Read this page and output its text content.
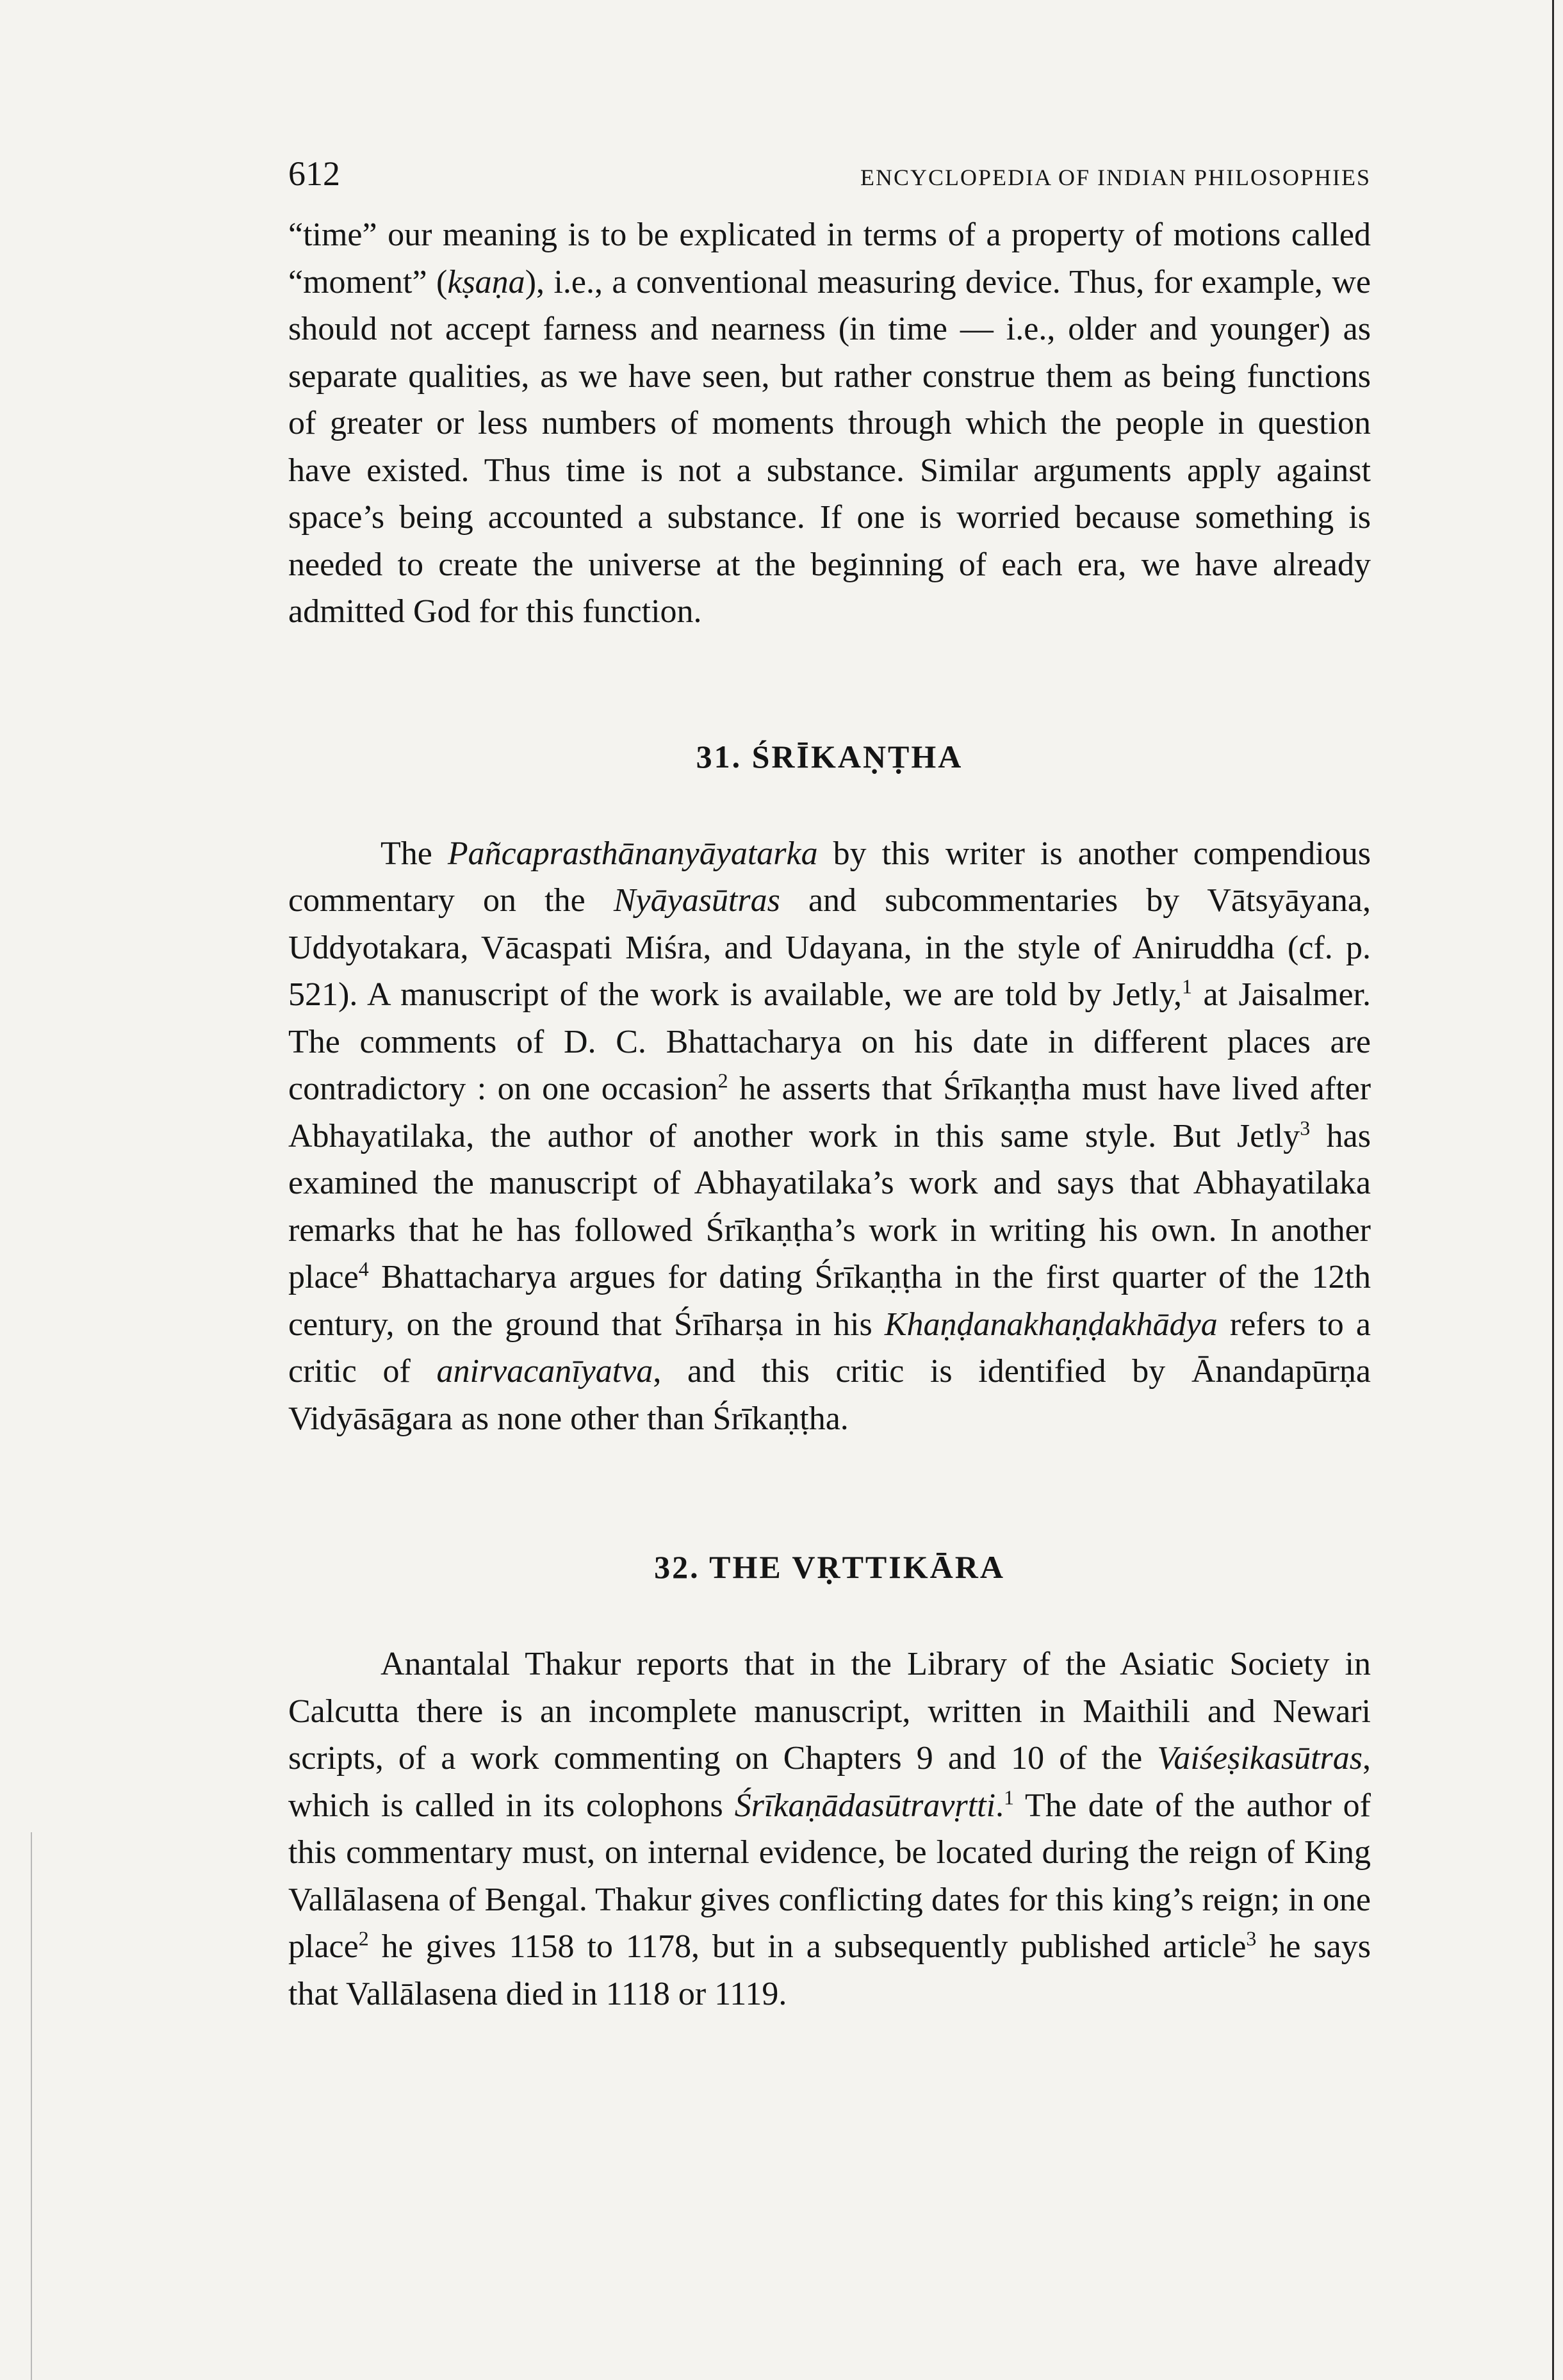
612	ENCYCLOPEDIA OF INDIAN PHILOSOPHIES

“time” our meaning is to be explicated in terms of a property of motions called “moment” (kṣaṇa), i.e., a conventional measuring device. Thus, for example, we should not accept farness and nearness (in time — i.e., older and younger) as separate qualities, as we have seen, but rather construe them as being functions of greater or less numbers of moments through which the people in question have existed. Thus time is not a substance. Similar arguments apply against space’s being accounted a substance. If one is worried because something is needed to create the universe at the beginning of each era, we have already admitted God for this function.

31. ŚRĪKAṆṬHA

The Pañcaprasthānanyāyatarka by this writer is another compendious commentary on the Nyāyasūtras and subcommentaries by Vātsyāyana, Uddyotakara, Vācaspati Miśra, and Udayana, in the style of Aniruddha (cf. p. 521). A manuscript of the work is available, we are told by Jetly,$^1$ at Jaisalmer. The comments of D. C. Bhattacharya on his date in different places are contradictory : on one occasion$^2$ he asserts that Śrīkaṇṭha must have lived after Abhayatilaka, the author of another work in this same style. But Jetly$^3$ has examined the manuscript of Abhayatilaka’s work and says that Abhayatilaka remarks that he has followed Śrīkaṇṭha’s work in writing his own. In another place$^4$ Bhattacharya argues for dating Śrīkaṇṭha in the first quarter of the 12th century, on the ground that Śrīharṣa in his Khaṇḍanakhaṇḍakhādya refers to a critic of anirvacanīyatva, and this critic is identified by Ānandapūrṇa Vidyāsāgara as none other than Śrīkaṇṭha.

32. THE VṚTTIKĀRA

Anantalal Thakur reports that in the Library of the Asiatic Society in Calcutta there is an incomplete manuscript, written in Maithili and Newari scripts, of a work commenting on Chapters 9 and 10 of the Vaiśeṣikasūtras, which is called in its colophons Śrīkaṇādasūtravṛtti.$^1$ The date of the author of this commentary must, on internal evidence, be located during the reign of King Vallālasena of Bengal. Thakur gives conflicting dates for this king’s reign; in one place$^2$ he gives 1158 to 1178, but in a subsequently published article$^3$ he says that Vallālasena died in 1118 or 1119.
